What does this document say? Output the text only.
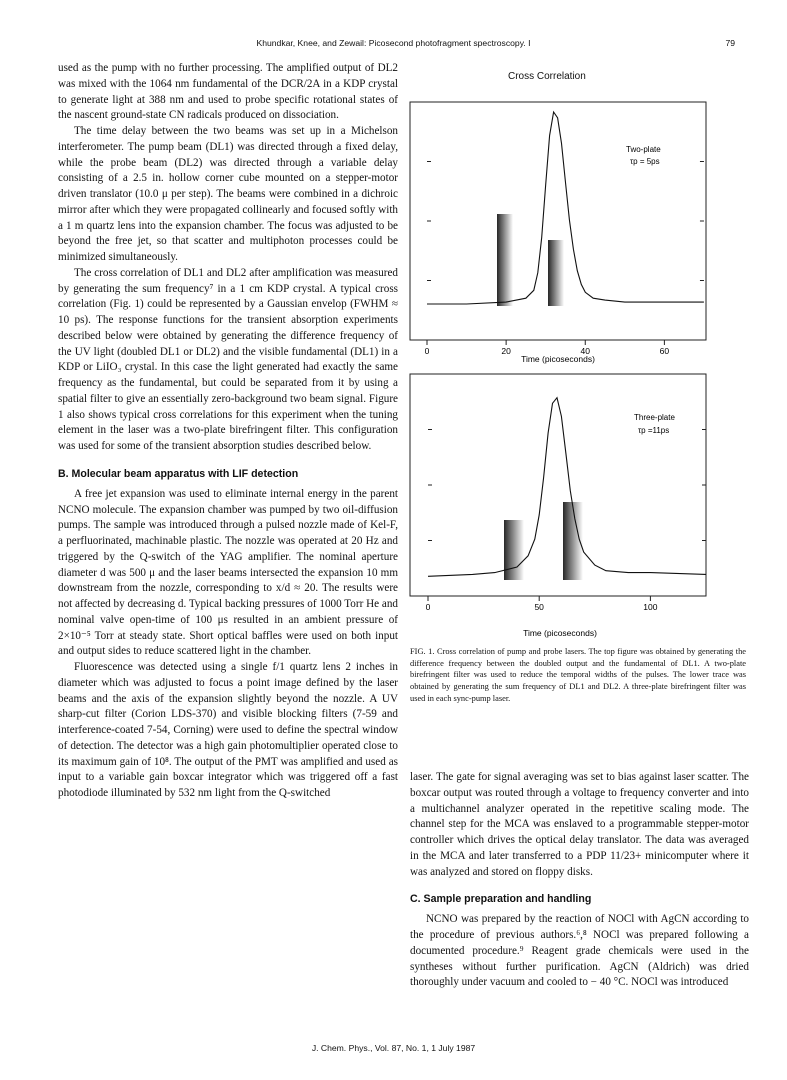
Khundkar, Knee, and Zewail: Picosecond photofragment spectroscopy. I	79

used as the pump with no further processing. The amplified output of DL2 was mixed with the 1064 nm fundamental of the DCR/2A in a KDP crystal to generate light at 388 nm and used to probe specific rotational states of the nascent ground-state CN radicals produced on dissociation.

The time delay between the two beams was set up in a Michelson interferometer. The pump beam (DL1) was directed through a fixed delay, while the probe beam (DL2) was directed through a variable delay consisting of a 2.5 in. hollow corner cube mounted on a stepper-motor driven translator (10.0 μ per step). The beams were combined in a dichroic mirror after which they were propagated collinearly and focused softly with a 1 m quartz lens into the expansion chamber. The focus was adjusted to be beyond the free jet, so that scatter and multiphoton processes could be minimized simultaneously.

The cross correlation of DL1 and DL2 after amplification was measured by generating the sum frequency⁷ in a 1 cm KDP crystal. A typical cross correlation (Fig. 1) could be represented by a Gaussian envelop (FWHM ≈ 10 ps). The response functions for the transient absorption experiments described below were obtained by generating the difference frequency of the UV light (doubled DL1 or DL2) and the visible fundamental (DL1) in a KDP or LiIO₃ crystal. In this case the light generated had exactly the same frequency as the fundamental, but could be separated from it by using a spatial filter to give an essentially zero-background two beam signal. Figure 1 also shows typical cross correlations for this experiment when the tuning element in the laser was a two-plate birefringent filter. This configuration was used for some of the transient absorption studies described below.

B. Molecular beam apparatus with LIF detection

A free jet expansion was used to eliminate internal energy in the parent NCNO molecule. The expansion chamber was pumped by two oil-diffusion pumps. The sample was introduced through a pulsed nozzle made of Kel-F, a perfluorinated, machinable plastic. The nozzle was operated at 20 Hz and triggered by the Q-switch of the YAG amplifier. The nominal aperture diameter d was 500 μ and the laser beams intersected the expansion 10 mm downstream from the nozzle, corresponding to x/d ≈ 20. The results were not affected by decreasing d. Typical backing pressures of 1000 Torr He and nominal valve open-time of 100 μs resulted in an ambient pressure of 2×10⁻⁵ Torr at steady state. Short optical baffles were used on both input and output sides to reduce scattered light in the chamber.

Fluorescence was detected using a single f/1 quartz lens 2 inches in diameter which was adjusted to focus a point image defined by the laser beams and the axis of the expansion slightly beyond the nozzle. A UV sharp-cut filter (Corion LDS-370) and visible blocking filters (7-59 and interference-coated 7-54, Corning) were used to define the spectral window of detection. The detector was a high gain photomultiplier operated close to its maximum gain of 10⁸. The output of the PMT was amplified and used as input to a variable gain boxcar integrator which was triggered off a fast photodiode illuminated by 532 nm light from the Q-switched

Cross Correlation
0	20	40	60
Two-plate
τp = 5ps
Time (picoseconds)
0	50	100
Three-plate
τp =11ps
Time (picoseconds)
FIG. 1. Cross correlation of pump and probe lasers. The top figure was obtained by generating the difference frequency between the doubled output and the fundamental of DL1. A two-plate birefringent filter was used to reduce the temporal widths of the pulses. The lower trace was obtained by generating the sum frequency of DL1 and DL2. A three-plate birefringent filter was used in each sync-pump laser.

laser. The gate for signal averaging was set to bias against laser scatter. The boxcar output was routed through a voltage to frequency converter and into a multichannel analyzer operated in the repetitive scaling mode. The channel step for the MCA was enslaved to a programmable stepper-motor controller which drives the optical delay translator. The data was averaged in the MCA and later transferred to a PDP 11/23+ minicomputer where it was analyzed and stored on floppy disks.

C. Sample preparation and handling

NCNO was prepared by the reaction of NOCl with AgCN according to the procedure of previous authors.⁶,⁸ NOCl was prepared following a documented procedure.⁹ Reagent grade chemicals were used in the syntheses without further purification. AgCN (Aldrich) was dried thoroughly under vacuum and cooled to − 40 °C. NOCl was introduced

J. Chem. Phys., Vol. 87, No. 1, 1 July 1987
